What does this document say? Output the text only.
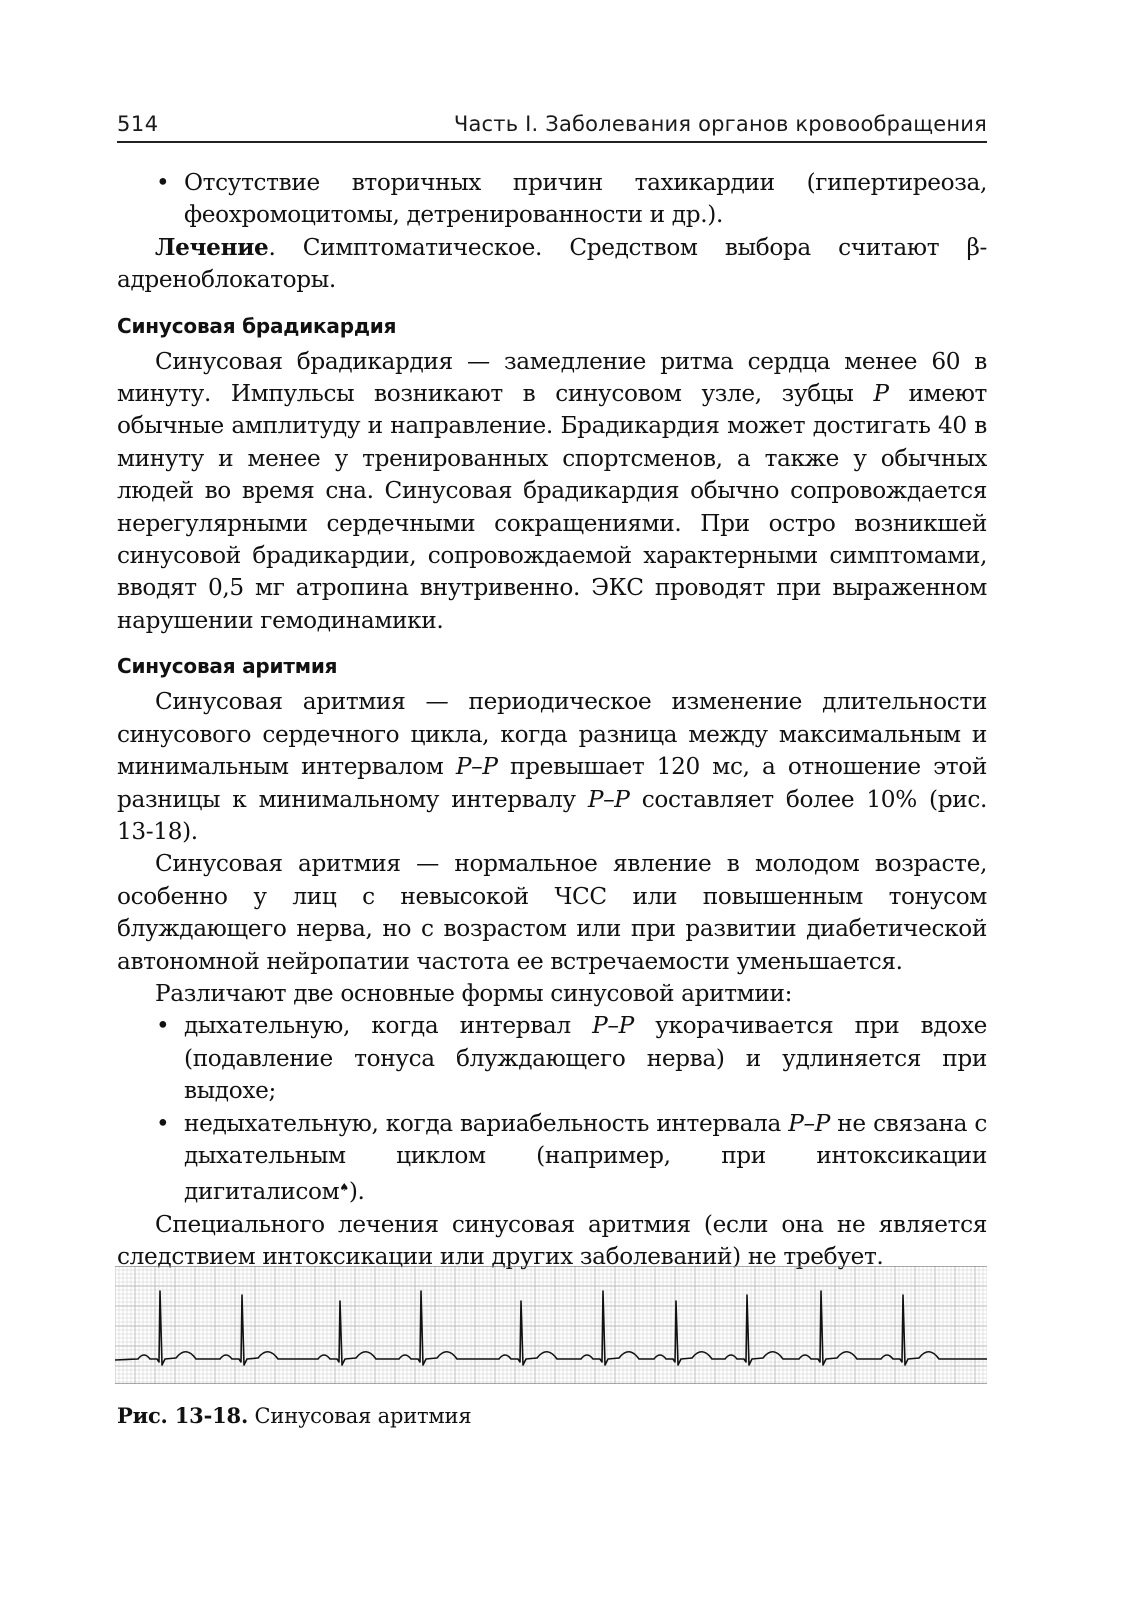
514	Часть I. Заболевания органов кровообращения

• Отсутствие вторичных причин тахикардии (гипертиреоза, феохромоцитомы, детренированности и др.).

Лечение. Симптоматическое. Средством выбора считают β-адреноблокаторы.

Синусовая брадикардия

Синусовая брадикардия — замедление ритма сердца менее 60 в минуту. Импульсы возникают в синусовом узле, зубцы P имеют обычные амплитуду и направление. Брадикардия может достигать 40 в минуту и менее у тренированных спортсменов, а также у обычных людей во время сна. Синусовая брадикардия обычно сопровождается нерегулярными сердечными сокращениями. При остро возникшей синусовой брадикардии, сопровождаемой характерными симптомами, вводят 0,5 мг атропина внутривенно. ЭКС проводят при выраженном нарушении гемодинамики.

Синусовая аритмия

Синусовая аритмия — периодическое изменение длительности синусового сердечного цикла, когда разница между максимальным и минимальным интервалом P–P превышает 120 мс, а отношение этой разницы к минимальному интервалу P–P составляет более 10% (рис. 13-18).

Синусовая аритмия — нормальное явление в молодом возрасте, особенно у лиц с невысокой ЧСС или повышенным тонусом блуждающего нерва, но с возрастом или при развитии диабетической автономной нейропатии частота ее встречаемости уменьшается.

Различают две основные формы синусовой аритмии:

• дыхательную, когда интервал P–P укорачивается при вдохе (подавление тонуса блуждающего нерва) и удлиняется при выдохе;

• недыхательную, когда вариабельность интервала P–P не связана с дыхательным циклом (например, при интоксикации дигиталисом♠).

Специального лечения синусовая аритмия (если она не является следствием интоксикации или других заболеваний) не требует.

Рис. 13-18. Синусовая аритмия
